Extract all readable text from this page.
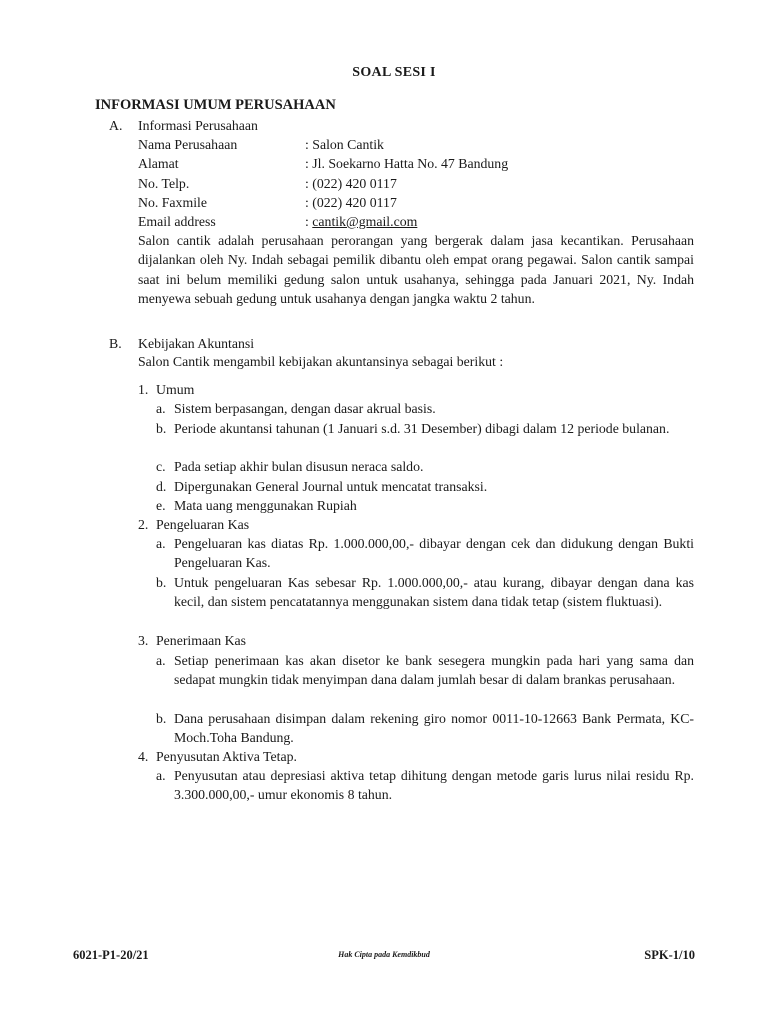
SOAL SESI I
INFORMASI UMUM PERUSAHAAN
A. Informasi Perusahaan
Nama Perusahaan	: Salon Cantik
Alamat	: Jl. Soekarno Hatta No. 47 Bandung
No. Telp.	: (022) 420 0117
No. Faxmile	: (022) 420 0117
Email address	: cantik@gmail.com
Salon cantik adalah perusahaan perorangan yang bergerak dalam jasa kecantikan. Perusahaan dijalankan oleh Ny. Indah sebagai pemilik dibantu oleh empat orang pegawai. Salon cantik sampai saat ini belum memiliki gedung salon untuk usahanya, sehingga pada Januari 2021, Ny. Indah menyewa sebuah gedung untuk usahanya dengan jangka waktu 2 tahun.
B. Kebijakan Akuntansi
Salon Cantik mengambil kebijakan akuntansinya sebagai berikut :
1. Umum
a. Sistem berpasangan, dengan dasar akrual basis.
b. Periode akuntansi tahunan (1 Januari s.d. 31 Desember) dibagi dalam 12 periode bulanan.
c. Pada setiap akhir bulan disusun neraca saldo.
d. Dipergunakan General Journal untuk mencatat transaksi.
e. Mata uang menggunakan Rupiah
2. Pengeluaran Kas
a. Pengeluaran kas diatas Rp. 1.000.000,00,- dibayar dengan cek dan didukung dengan Bukti Pengeluaran Kas.
b. Untuk pengeluaran Kas sebesar Rp. 1.000.000,00,- atau kurang, dibayar dengan dana kas kecil, dan sistem pencatatannya menggunakan sistem dana tidak tetap (sistem fluktuasi).
3. Penerimaan Kas
a. Setiap penerimaan kas akan disetor ke bank sesegera mungkin pada hari yang sama dan sedapat mungkin tidak menyimpan dana dalam jumlah besar di dalam brankas perusahaan.
b. Dana perusahaan disimpan dalam rekening giro nomor 0011-10-12663 Bank Permata, KC-Moch.Toha Bandung.
4. Penyusutan Aktiva Tetap.
a. Penyusutan atau depresiasi aktiva tetap dihitung dengan metode garis lurus nilai residu Rp. 3.300.000,00,- umur ekonomis 8 tahun.
6021-P1-20/21	Hak Cipta pada Kemdikbud	SPK-1/10
